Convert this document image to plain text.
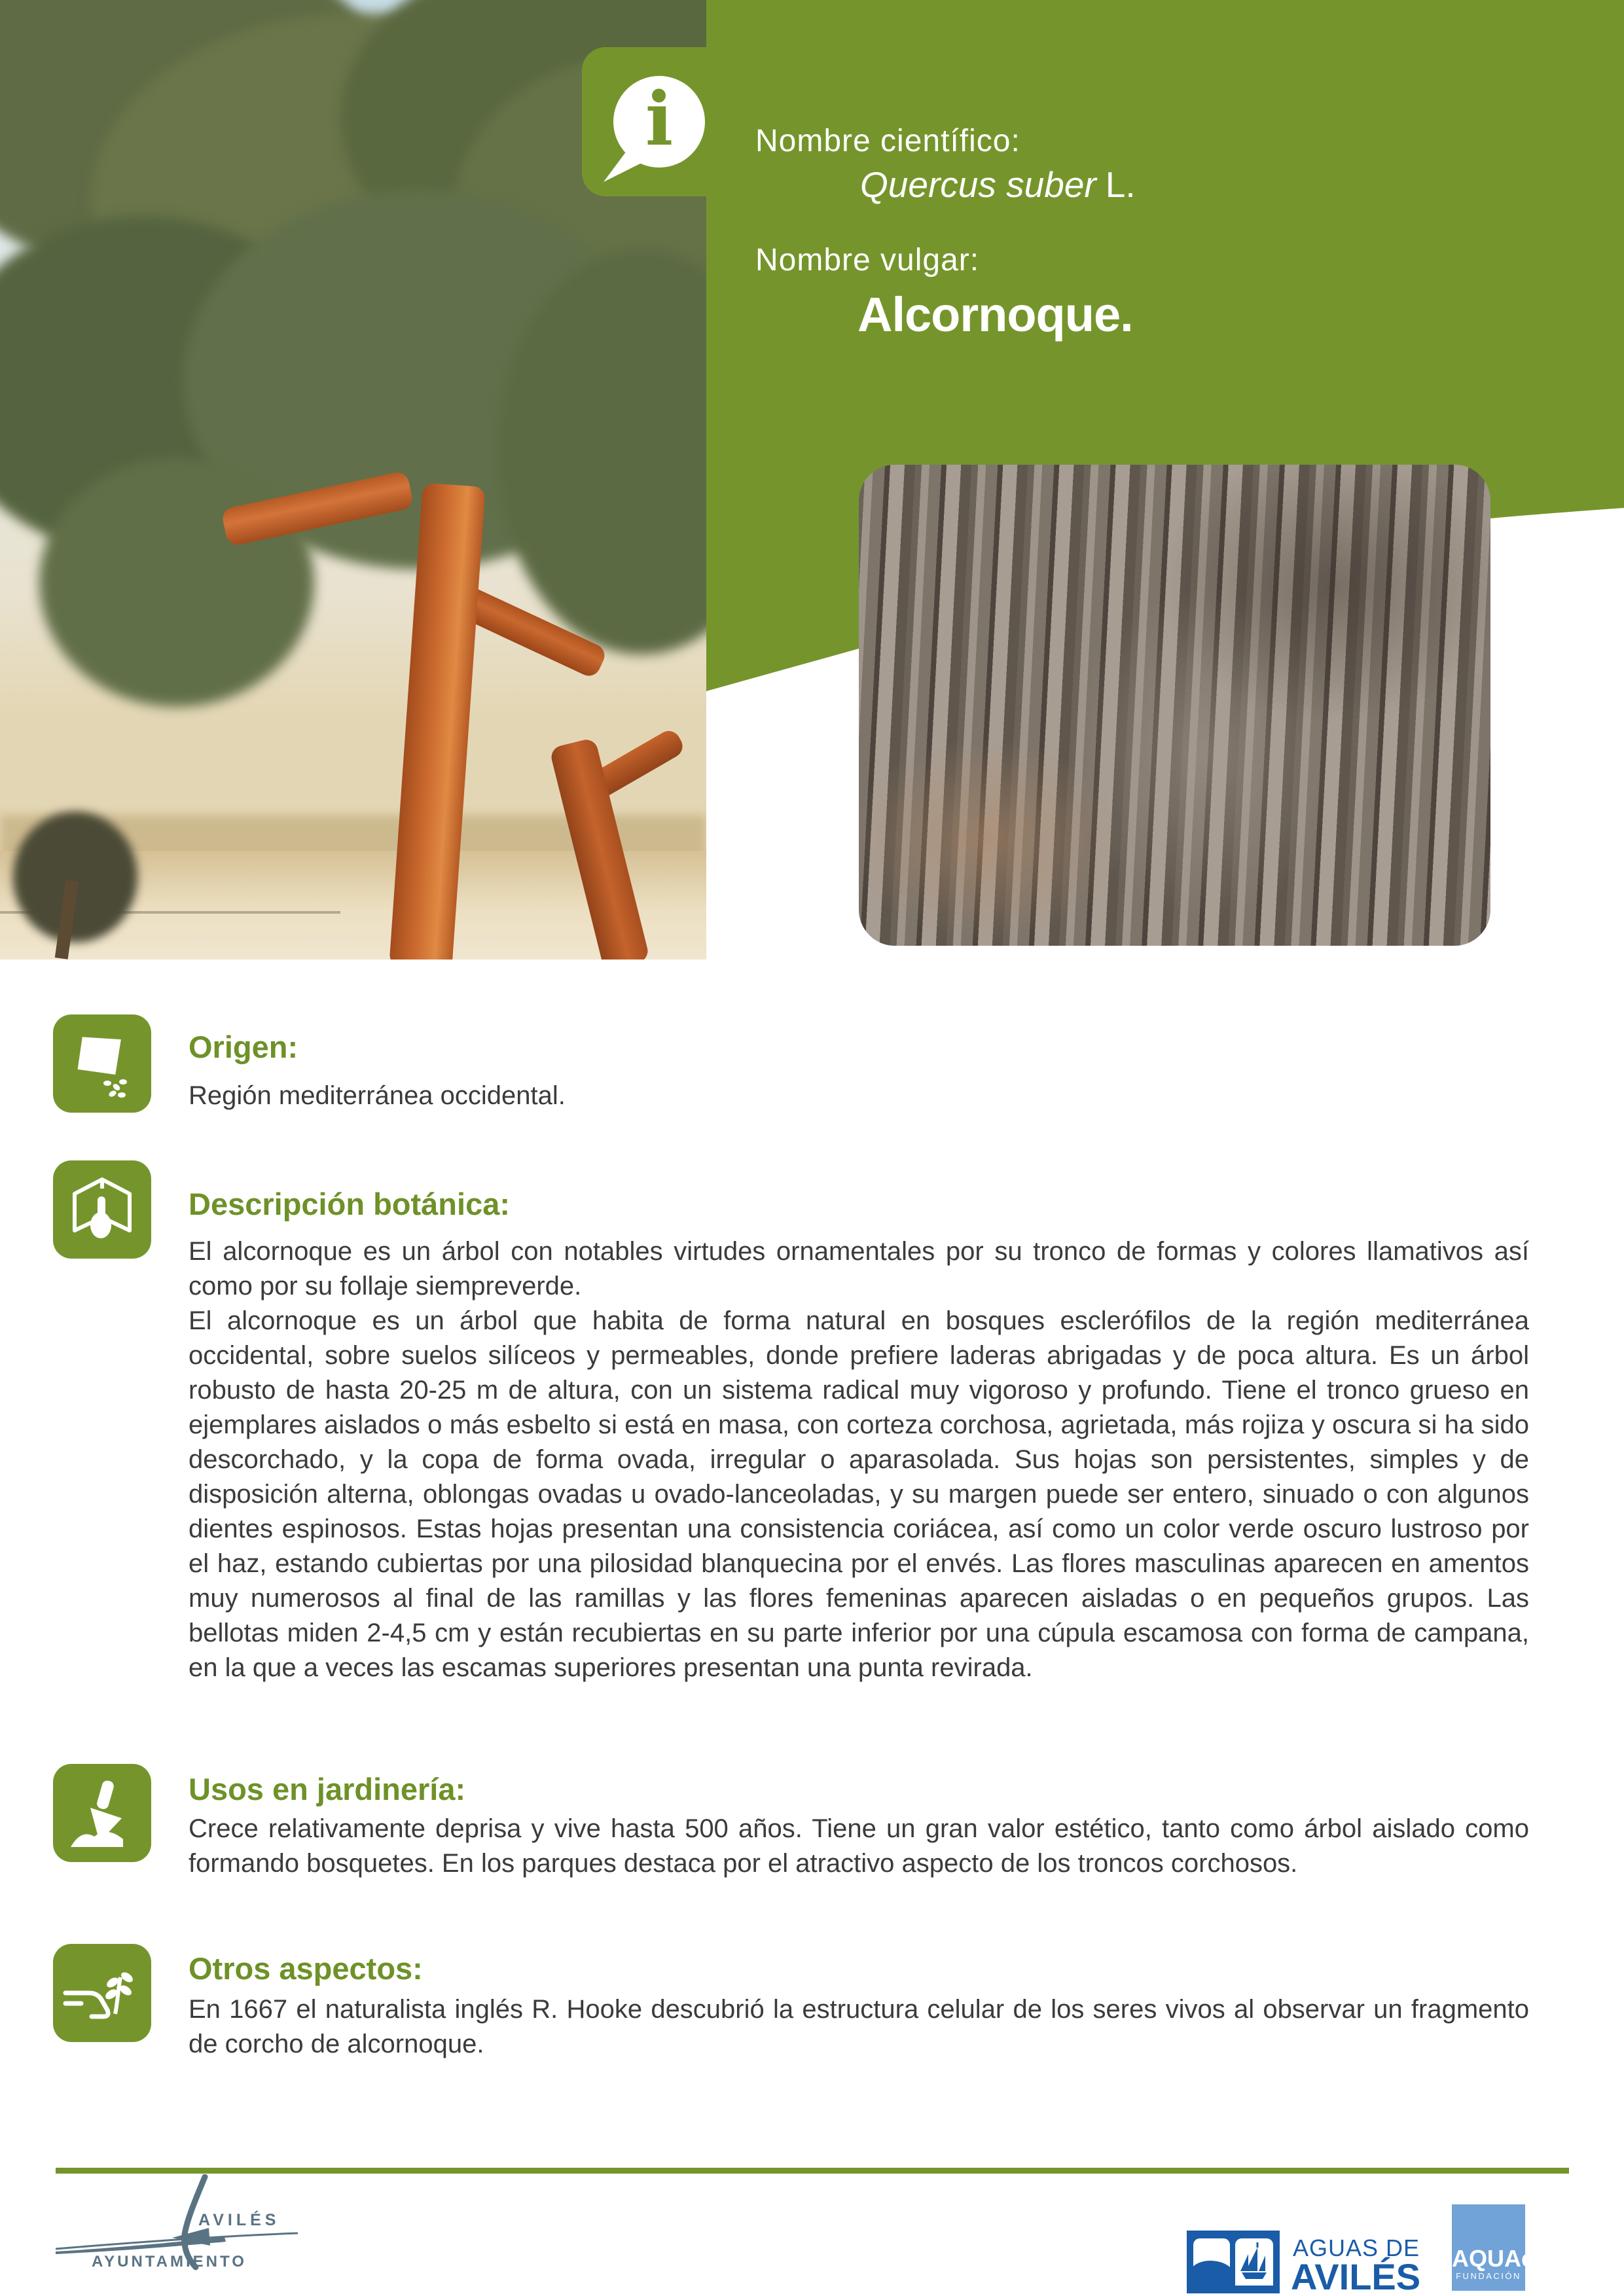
i	Nombre científico:
Quercus suber L.
Nombre vulgar:
Alcornoque.
Origen:
Región mediterránea occidental.
Descripción botánica:

El alcornoque es un árbol con notables virtudes ornamentales por su tronco de formas y colores llamativos así como por su follaje siempreverde.

El alcornoque es un árbol que habita de forma natural en bosques esclerófilos de la región mediterránea occidental, sobre suelos silíceos y permeables, donde prefiere laderas abrigadas y de poca altura. Es un árbol robusto de hasta 20-25 m de altura, con un sistema radical muy vigoroso y profundo. Tiene el tronco grueso en ejemplares aislados o más esbelto si está en masa, con corteza corchosa, agrietada, más rojiza y oscura si ha sido descorchado, y la copa de forma ovada, irregular o aparasolada. Sus hojas son persistentes, simples y de disposición alterna, oblongas ovadas u ovado-lanceoladas, y su margen puede ser entero, sinuado o con algunos dientes espinosos. Estas hojas presentan una consistencia coriácea, así como un color verde oscuro lustroso por el haz, estando cubiertas por una pilosidad blanquecina por el envés. Las flores masculinas aparecen en amentos muy numerosos al final de las ramillas y las flores femeninas aparecen aisladas o en pequeños grupos. Las bellotas miden 2-4,5 cm y están recubiertas en su parte inferior por una cúpula escamosa con forma de campana, en la que a veces las escamas superiores presentan una punta revirada.

Usos en jardinería:
Crece relativamente deprisa y vive hasta 500 años. Tiene un gran valor estético, tanto como árbol aislado como formando bosquetes. En los parques destaca por el atractivo aspecto de los troncos corchosos.
Otros aspectos:
En 1667 el naturalista inglés R. Hooke descubrió la estructura celular de los seres vivos al observar un fragmento de corcho de alcornoque.
AVILÉS
AYUNTAMIENTO
AGUAS DE
AVILÉS AQUAe
FUNDACIÓN
